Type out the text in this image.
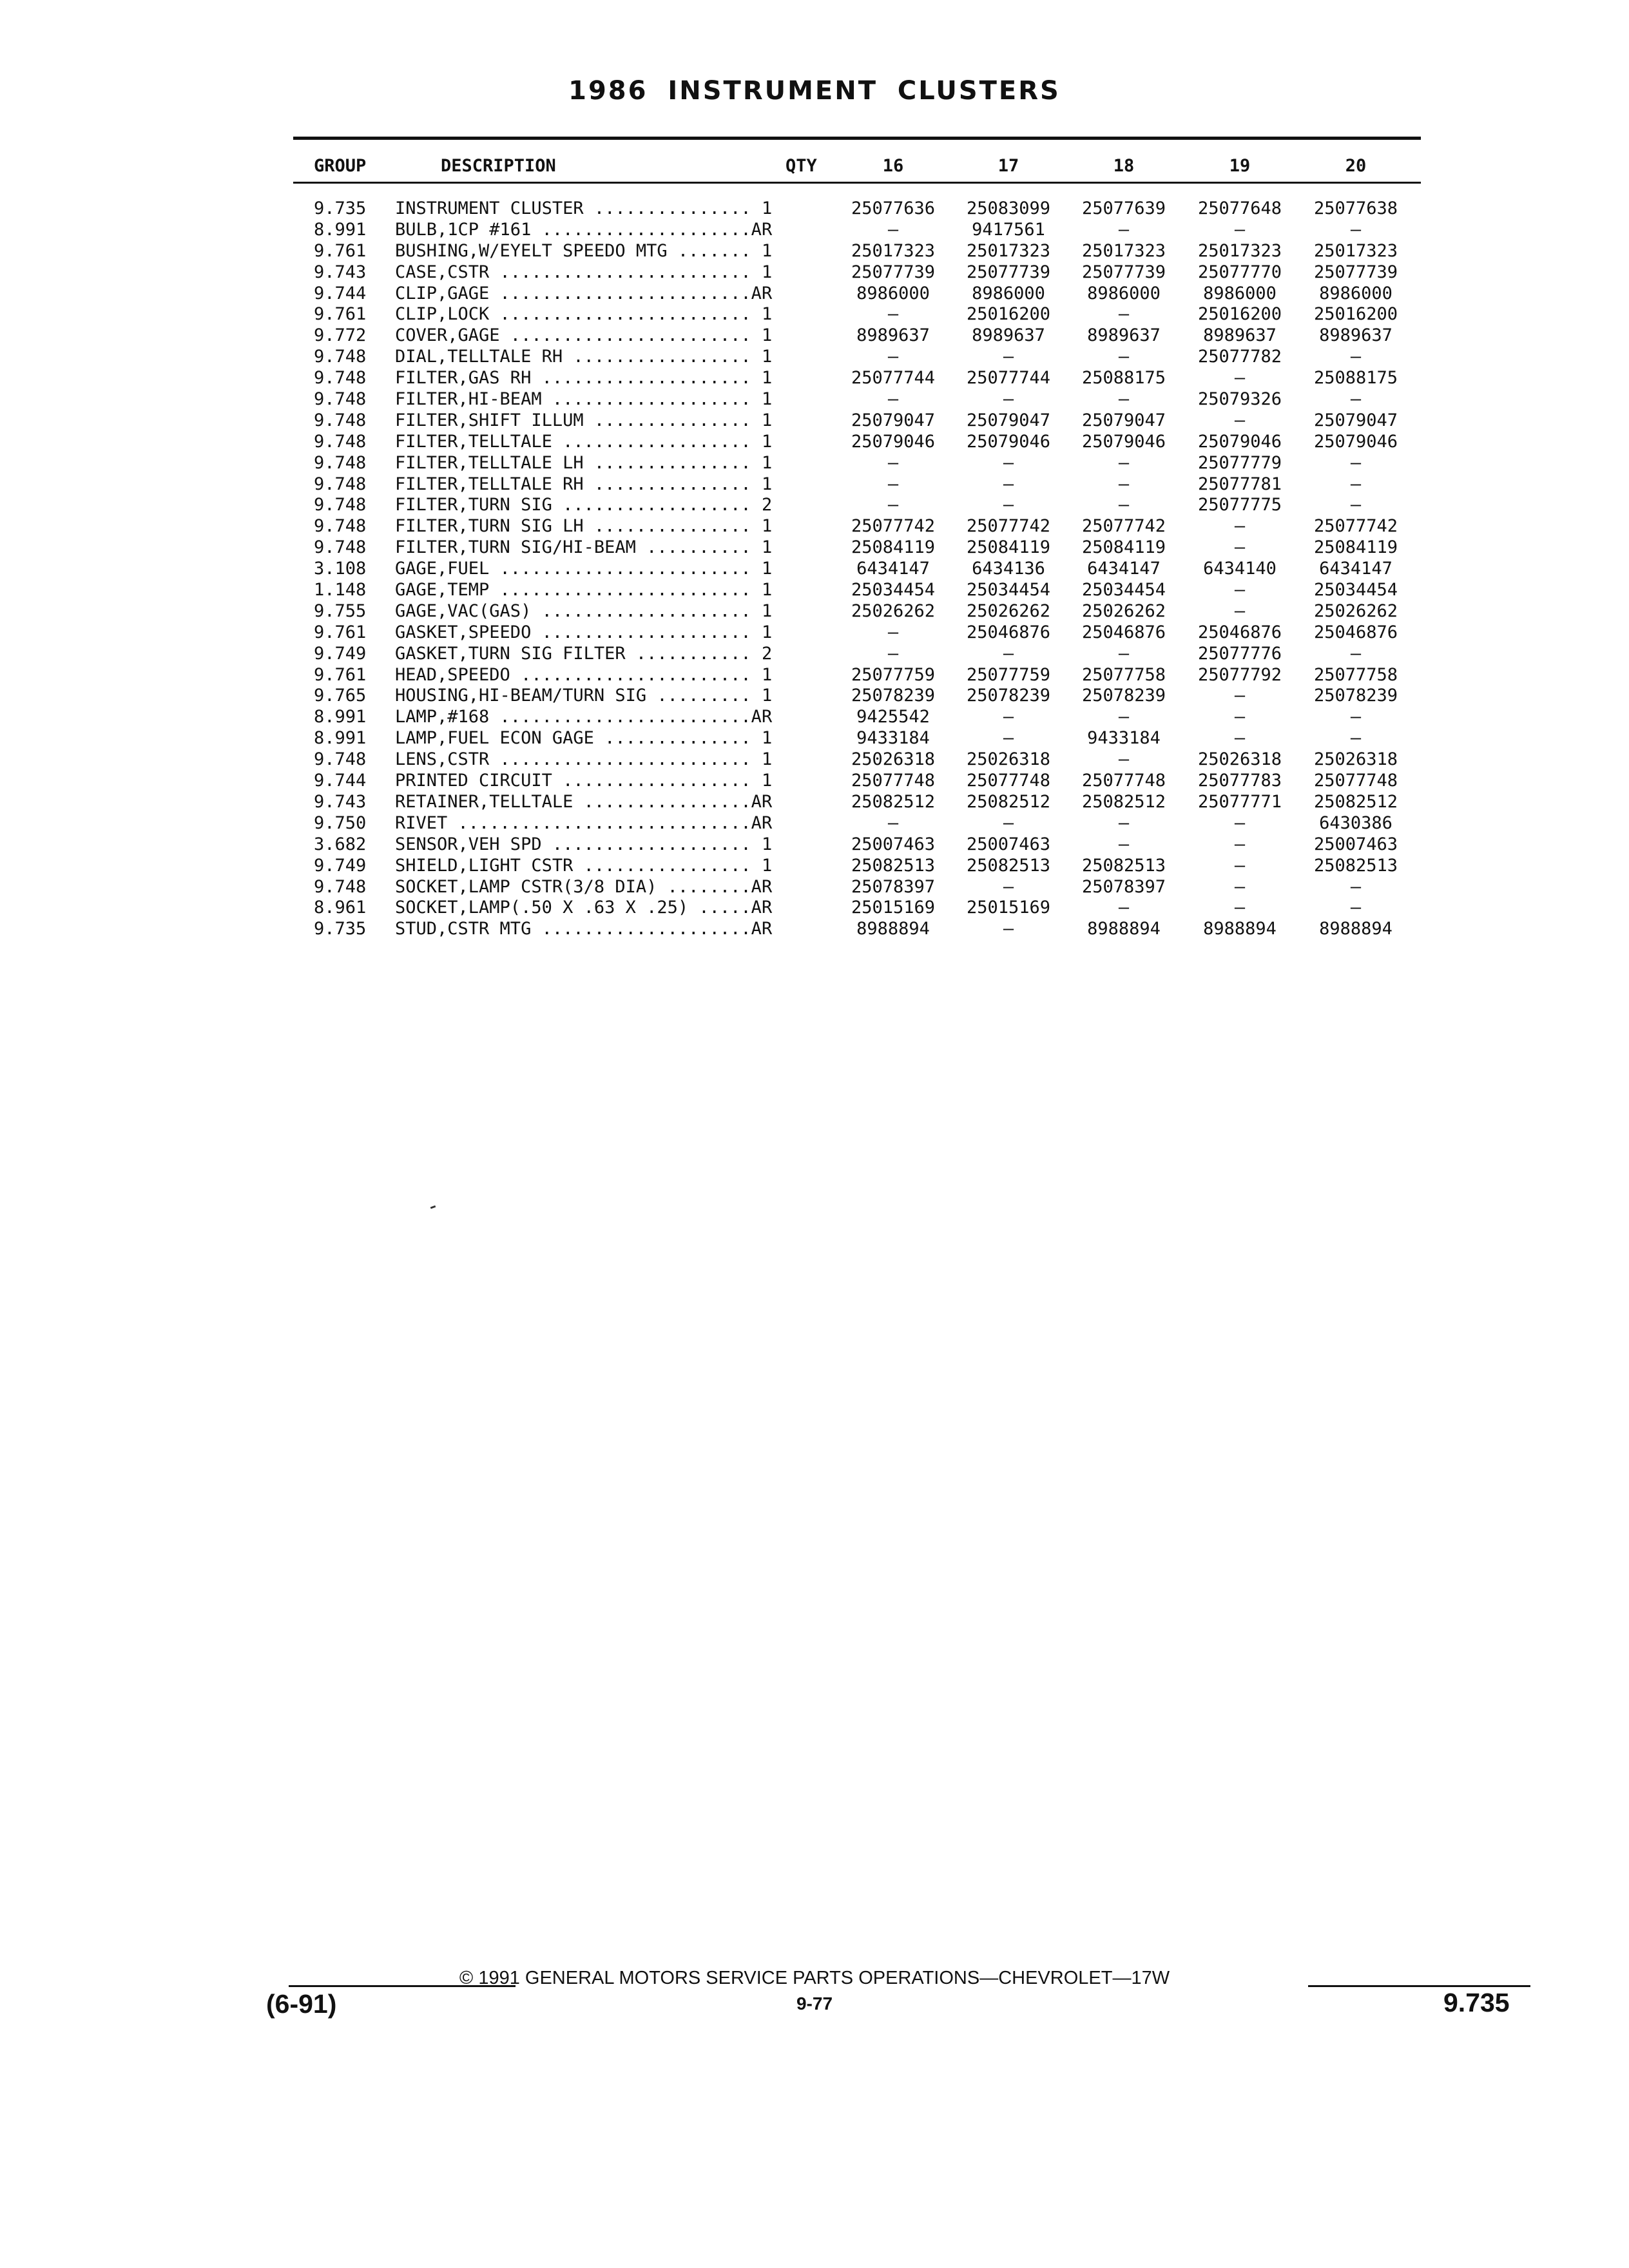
1986 INSTRUMENT CLUSTERS
GROUP	DESCRIPTION	QTY	16	17	18	19	20
9.735 INSTRUMENT CLUSTER ............... 1	25077636 25083099 25077639 25077648 25077638
8.991 BULB,1CP #161 ....................AR	—	9417561	—	—	—
9.761 BUSHING,W/EYELT SPEEDO MTG ....... 1	25017323 25017323 25017323 25017323 25017323
9.743 CASE,CSTR ........................ 1	25077739 25077739 25077739 25077770 25077739
9.744 CLIP,GAGE ........................AR	8986000	8986000	8986000	8986000	8986000
9.761 CLIP,LOCK ........................ 1	—	25016200	—	25016200 25016200
9.772 COVER,GAGE ....................... 1	8989637	8989637	8989637	8989637	8989637
9.748 DIAL,TELLTALE RH ................. 1	—	—	—	25077782	—
9.748 FILTER,GAS RH .................... 1	25077744 25077744 25088175	—	25088175
9.748 FILTER,HI-BEAM ................... 1	—	—	—	25079326	—
9.748 FILTER,SHIFT ILLUM ............... 1	25079047 25079047 25079047	—	25079047
9.748 FILTER,TELLTALE .................. 1	25079046 25079046 25079046 25079046 25079046
9.748 FILTER,TELLTALE LH ............... 1	—	—	—	25077779	—
9.748 FILTER,TELLTALE RH ............... 1	—	—	—	25077781	—
9.748 FILTER,TURN SIG .................. 2	—	—	—	25077775	—
9.748 FILTER,TURN SIG LH ............... 1	25077742 25077742 25077742	—	25077742
9.748 FILTER,TURN SIG/HI-BEAM .......... 1	25084119 25084119 25084119	—	25084119
3.108 GAGE,FUEL ........................ 1	6434147	6434136	6434147	6434140	6434147
1.148 GAGE,TEMP ........................ 1	25034454 25034454 25034454	—	25034454
9.755 GAGE,VAC(GAS) .................... 1	25026262 25026262 25026262	—	25026262
9.761 GASKET,SPEEDO .................... 1	—	25046876 25046876 25046876 25046876
9.749 GASKET,TURN SIG FILTER ........... 2	—	—	—	25077776	—
9.761 HEAD,SPEEDO ...................... 1	25077759 25077759 25077758 25077792 25077758
9.765 HOUSING,HI-BEAM/TURN SIG ......... 1	25078239 25078239 25078239	—	25078239
8.991 LAMP,#168 ........................AR	9425542	—	—	—	—
8.991 LAMP,FUEL ECON GAGE .............. 1	9433184	—	9433184	—	—
9.748 LENS,CSTR ........................ 1	25026318 25026318	—	25026318 25026318
9.744 PRINTED CIRCUIT .................. 1	25077748 25077748 25077748 25077783 25077748
9.743 RETAINER,TELLTALE ................AR	25082512 25082512 25082512 25077771 25082512
9.750 RIVET ............................AR	—	—	—	—	6430386
3.682 SENSOR,VEH SPD ................... 1	25007463 25007463	—	—	25007463
9.749 SHIELD,LIGHT CSTR ................ 1	25082513 25082513 25082513	—	25082513
9.748 SOCKET,LAMP CSTR(3/8 DIA) ........AR	25078397	—	25078397	—	—
8.961 SOCKET,LAMP(.50 X .63 X .25) .....AR	25015169 25015169	—	—	—
9.735 STUD,CSTR MTG ....................AR	8988894	—	8988894	8988894	8988894
© 1991 GENERAL MOTORS SERVICE PARTS OPERATIONS—CHEVROLET—17W
(6-91)	9-77	9.735
